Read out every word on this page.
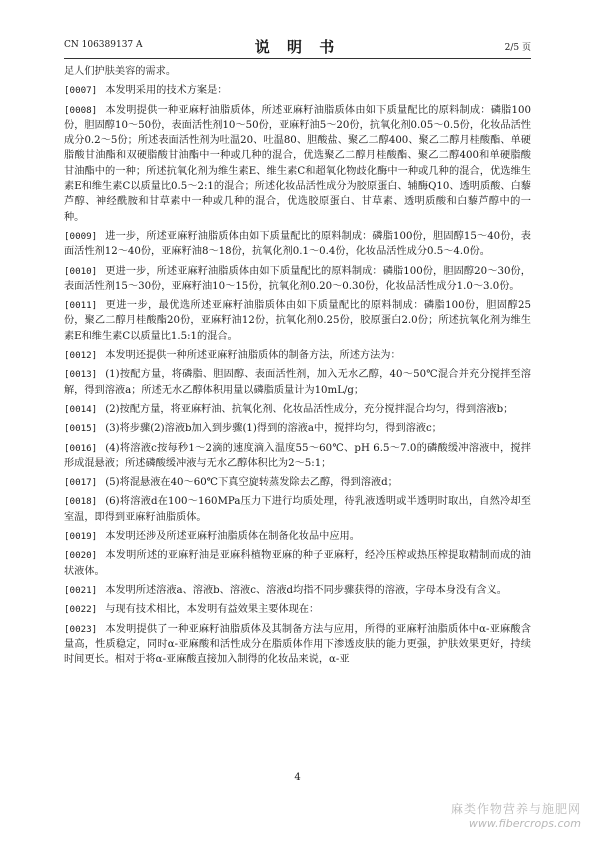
CN 106389137 A	说 明 书	2/5 页
足人们护肤美容的需求。
[0007] 本发明采用的技术方案是：
[0008] 本发明提供一种亚麻籽油脂质体，所述亚麻籽油脂质体由如下质量配比的原料制成：磷脂100份，胆固醇10～50份，表面活性剂10～50份，亚麻籽油5～20份，抗氧化剂0.05～0.5份，化妆品活性成分0.2～5份；所述表面活性剂为吐温20、吐温80、胆酸盐、聚乙二醇400、聚乙二醇月桂酸酯、单硬脂酸甘油酯和双硬脂酸甘油酯中一种或几种的混合，优选聚乙二醇月桂酸酯、聚乙二醇400和单硬脂酸甘油酯中的一种；所述抗氧化剂为维生素E、维生素C和超氧化物歧化酶中一种或几种的混合，优选维生素E和维生素C以质量比0.5～2:1的混合；所述化妆品活性成分为胶原蛋白、辅酶Q10、透明质酸、白藜芦醇、神经酰胺和甘草素中一种或几种的混合，优选胶原蛋白、甘草素、透明质酸和白藜芦醇中的一种。
[0009] 进一步，所述亚麻籽油脂质体由如下质量配比的原料制成：磷脂100份，胆固醇15～40份，表面活性剂12～40份，亚麻籽油8～18份，抗氧化剂0.1～0.4份，化妆品活性成分0.5～4.0份。
[0010] 更进一步，所述亚麻籽油脂质体由如下质量配比的原料制成：磷脂100份，胆固醇20～30份，表面活性剂15～30份，亚麻籽油10～15份，抗氧化剂0.20～0.30份，化妆品活性成分1.0～3.0份。
[0011] 更进一步，最优选所述亚麻籽油脂质体由如下质量配比的原料制成：磷脂100份，胆固醇25份，聚乙二醇月桂酸酯20份，亚麻籽油12份，抗氧化剂0.25份，胶原蛋白2.0份；所述抗氧化剂为维生素E和维生素C以质量比1.5:1的混合。
[0012] 本发明还提供一种所述亚麻籽油脂质体的制备方法，所述方法为：
[0013] (1)按配方量，将磷脂、胆固醇、表面活性剂，加入无水乙醇，40～50℃混合并充分搅拌至溶解，得到溶液a；所述无水乙醇体积用量以磷脂质量计为10mL/g；
[0014] (2)按配方量，将亚麻籽油、抗氧化剂、化妆品活性成分，充分搅拌混合均匀，得到溶液b；
[0015] (3)将步骤(2)溶液b加入到步骤(1)得到的溶液a中，搅拌均匀，得到溶液c；
[0016] (4)将溶液c按每秒1～2滴的速度滴入温度55～60℃、pH 6.5～7.0的磷酸缓冲溶液中，搅拌形成混悬液；所述磷酸缓冲液与无水乙醇体积比为2～5:1；
[0017] (5)将混悬液在40～60℃下真空旋转蒸发除去乙醇，得到溶液d；
[0018] (6)将溶液d在100～160MPa压力下进行均质处理，待乳液透明或半透明时取出，自然冷却至室温，即得到亚麻籽油脂质体。
[0019] 本发明还涉及所述亚麻籽油脂质体在制备化妆品中应用。
[0020] 本发明所述的亚麻籽油是亚麻科植物亚麻的种子亚麻籽，经冷压榨或热压榨提取精制而成的油状液体。
[0021] 本发明所述溶液a、溶液b、溶液c、溶液d均指不同步骤获得的溶液，字母本身没有含义。
[0022] 与现有技术相比，本发明有益效果主要体现在：
[0023] 本发明提供了一种亚麻籽油脂质体及其制备方法与应用，所得的亚麻籽油脂质体中α-亚麻酸含量高，性质稳定，同时α-亚麻酸和活性成分在脂质体作用下渗透皮肤的能力更强，护肤效果更好，持续时间更长。相对于将α-亚麻酸直接加入制得的化妆品来说，α-亚
4
麻类作物营养与施肥网
www.fibercrops.com
